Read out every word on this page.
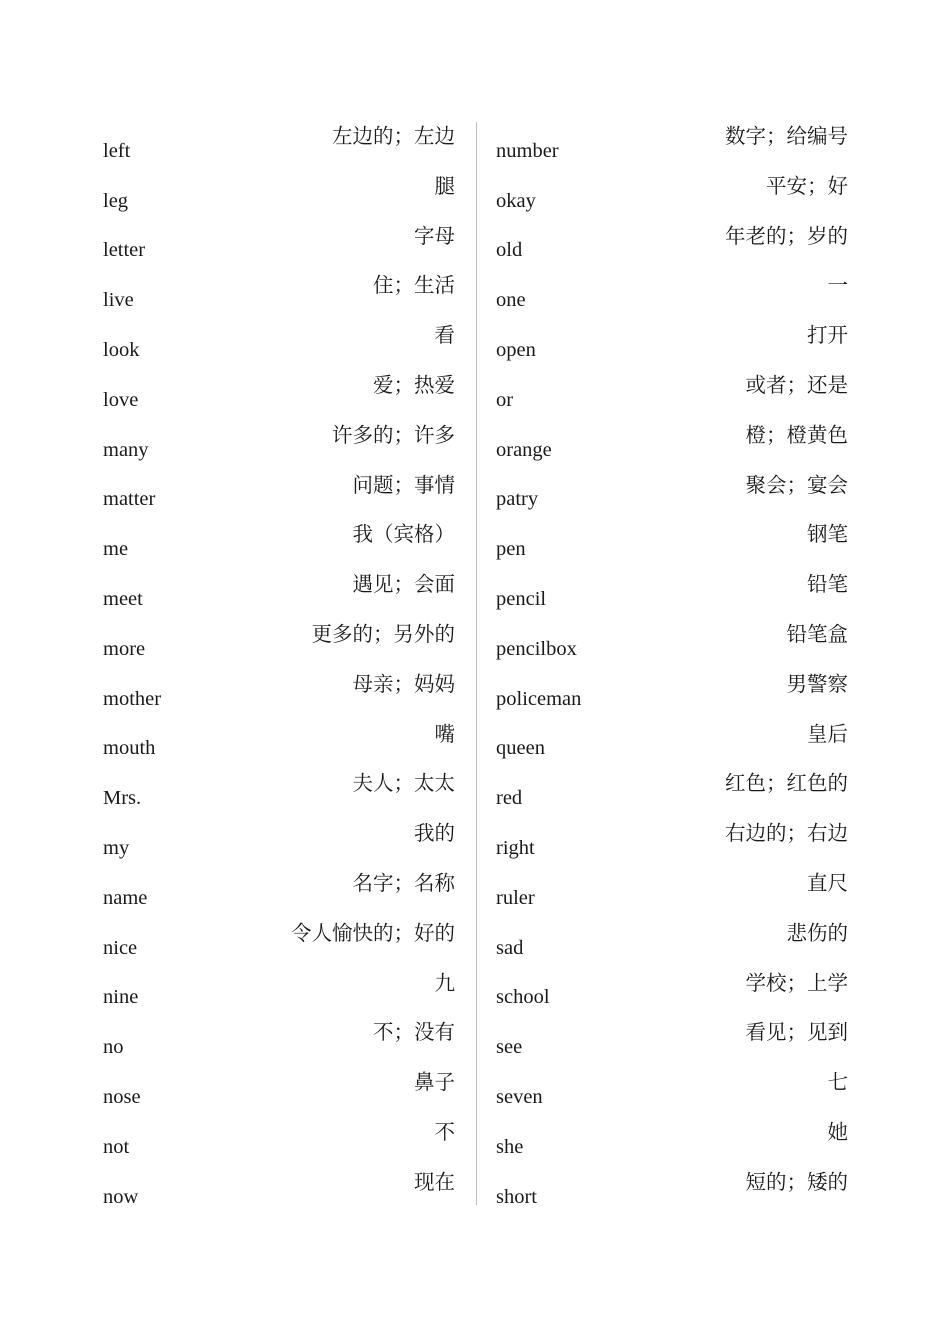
left
左边的；左边
leg
腿
letter
字母
live
住；生活
look
看
love
爱；热爱
many
许多的；许多
matter
问题；事情
me
我（宾格）
meet
遇见；会面
more
更多的；另外的
mother
母亲；妈妈
mouth
嘴
Mrs.
夫人；太太
my
我的
name
名字；名称
nice
令人愉快的；好的
nine
九
no
不；没有
nose
鼻子
not
不
now
现在
number
数字；给编号
okay
平安；好
old
年老的；岁的
one
一
open
打开
or
或者；还是
orange
橙；橙黄色
patry
聚会；宴会
pen
钢笔
pencil
铅笔
pencilbox
铅笔盒
policeman
男警察
queen
皇后
red
红色；红色的
right
右边的；右边
ruler
直尺
sad
悲伤的
school
学校；上学
see
看见；见到
seven
七
she
她
short
短的；矮的
